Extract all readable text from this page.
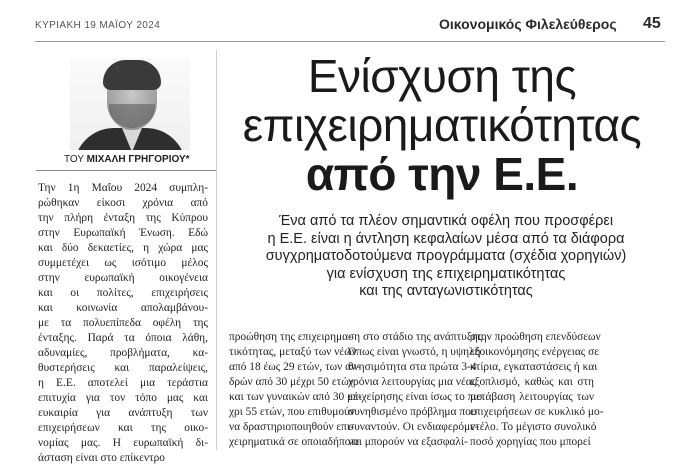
ΚΥΡΙΑΚΗ 19 ΜΑΪΟΥ 2024	Οικονομικός Φιλελεύθερος 45
ΤΟΥ ΜΙΧΑΛΗ ΓΡΗΓΟΡΙΟΥ*
Ενίσχυση της
επιχειρηματικότητας
από την Ε.Ε.
Ένα από τα πλέον σημαντικά οφέλη που προσφέρει
η Ε.Ε. είναι η άντληση κεφαλαίων μέσα από τα διάφορα
συγχρηματοδοτούμενα προγράμματα (σχέδια χορηγιών)
για ενίσχυση της επιχειρηματικότητας
και της ανταγωνιστικότητας
Την 1η Μαΐου 2024 συμπλη-
ρώθηκαν είκοσι χρόνια από
την πλήρη ένταξη της Κύπρου
στην Ευρωπαϊκή Ένωση. Εδώ
και δύο δεκαετίες, η χώρα μας
συμμετέχει ως ισότιμο μέλος
στην ευρωπαϊκή οικογένεια
και οι πολίτες, επιχειρήσεις
και κοινωνία απολαμβάνου-
με τα πολυεπίπεδα οφέλη της
ένταξης. Παρά τα όποια λάθη,
αδυναμίες, προβλήματα, κα-
θυστερήσεις και παραλείψεις,
η Ε.Ε. αποτελεί μια τεράστια
επιτυχία για τον τόπο μας και
ευκαιρία για ανάπτυξη των
επιχειρήσεων και της οικο-
νομίας μας. Η ευρωπαϊκή δι-
άσταση είναι στο επίκεντρο
προώθηση της επιχειρημα-
τικότητας, μεταξύ των νέων
από 18 έως 29 ετών, των αν-
δρών από 30 μέχρι 50 ετών
και των γυναικών από 30 μέ-
χρι 55 ετών, που επιθυμούν
να δραστηριοποιηθούν επι-
χειρηματικά σε οποιαδήποτε
ση στο στάδιο της ανάπτυξης.
Όπως είναι γνωστό, η υψηλή
θνησιμότητα στα πρώτα 3-4
χρόνια λειτουργίας μια νέας
επιχείρησης είναι ίσως το πιο
συνηθισμένο πρόβλημα που
συναντούν. Οι ενδιαφερόμε-
νοι μπορούν να εξασφαλί-
στην προώθηση επενδύσεων
εξοικονόμησης ενέργειας σε
κτίρια, εγκαταστάσεις ή και
εξοπλισμό, καθώς και στη
μετάβαση λειτουργίας των
επιχειρήσεων σε κυκλικό μο-
ντέλο. Το μέγιστο συνολικό
ποσό χορηγίας που μπορεί
